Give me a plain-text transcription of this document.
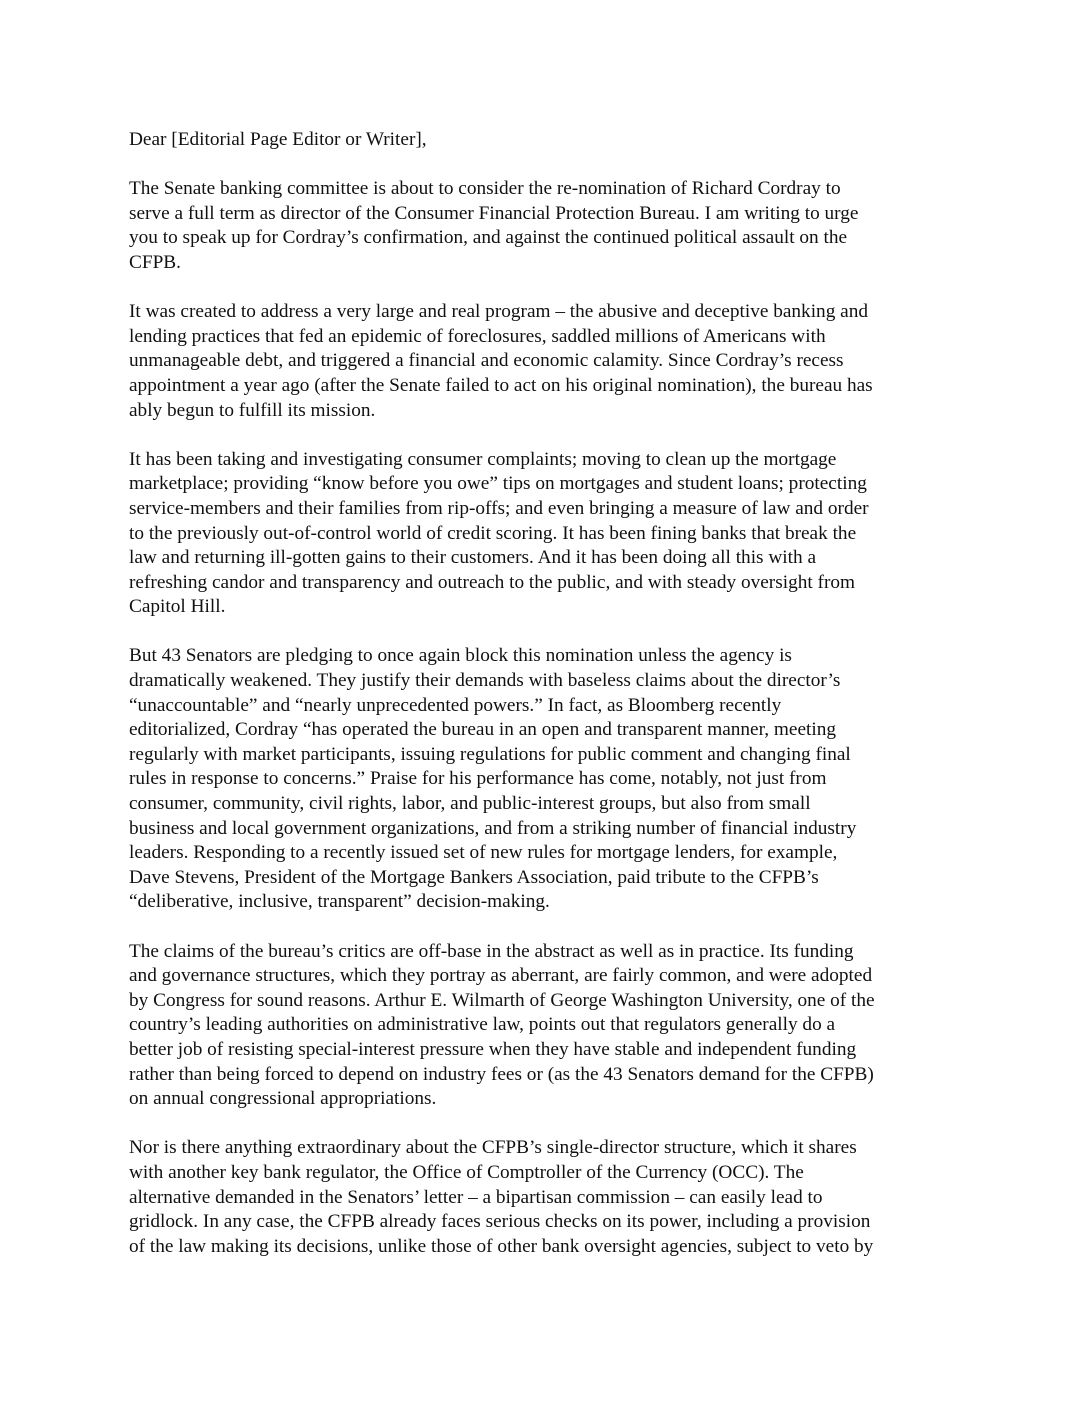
Dear [Editorial Page Editor or Writer],
The Senate banking committee is about to consider the re-nomination of Richard Cordray to
serve a full term as director of the Consumer Financial Protection Bureau. I am writing to urge
you to speak up for Cordray’s confirmation, and against the continued political assault on the
CFPB.
It was created to address a very large and real program – the abusive and deceptive banking and
lending practices that fed an epidemic of foreclosures, saddled millions of Americans with
unmanageable debt, and triggered a financial and economic calamity. Since Cordray’s recess
appointment a year ago (after the Senate failed to act on his original nomination), the bureau has
ably begun to fulfill its mission.
It has been taking and investigating consumer complaints; moving to clean up the mortgage
marketplace; providing “know before you owe” tips on mortgages and student loans; protecting
service-members and their families from rip-offs; and even bringing a measure of law and order
to the previously out-of-control world of credit scoring. It has been fining banks that break the
law and returning ill-gotten gains to their customers. And it has been doing all this with a
refreshing candor and transparency and outreach to the public, and with steady oversight from
Capitol Hill.
But 43 Senators are pledging to once again block this nomination unless the agency is
dramatically weakened. They justify their demands with baseless claims about the director’s
“unaccountable” and “nearly unprecedented powers.” In fact, as Bloomberg recently
editorialized, Cordray “has operated the bureau in an open and transparent manner, meeting
regularly with market participants, issuing regulations for public comment and changing final
rules in response to concerns.” Praise for his performance has come, notably, not just from
consumer, community, civil rights, labor, and public-interest groups, but also from small
business and local government organizations, and from a striking number of financial industry
leaders. Responding to a recently issued set of new rules for mortgage lenders, for example,
Dave Stevens, President of the Mortgage Bankers Association, paid tribute to the CFPB’s
“deliberative, inclusive, transparent” decision-making.
The claims of the bureau’s critics are off-base in the abstract as well as in practice. Its funding
and governance structures, which they portray as aberrant, are fairly common, and were adopted
by Congress for sound reasons. Arthur E. Wilmarth of George Washington University, one of the
country’s leading authorities on administrative law, points out that regulators generally do a
better job of resisting special-interest pressure when they have stable and independent funding
rather than being forced to depend on industry fees or (as the 43 Senators demand for the CFPB)
on annual congressional appropriations.
Nor is there anything extraordinary about the CFPB’s single-director structure, which it shares
with another key bank regulator, the Office of Comptroller of the Currency (OCC). The
alternative demanded in the Senators’ letter – a bipartisan commission – can easily lead to
gridlock. In any case, the CFPB already faces serious checks on its power, including a provision
of the law making its decisions, unlike those of other bank oversight agencies, subject to veto by
